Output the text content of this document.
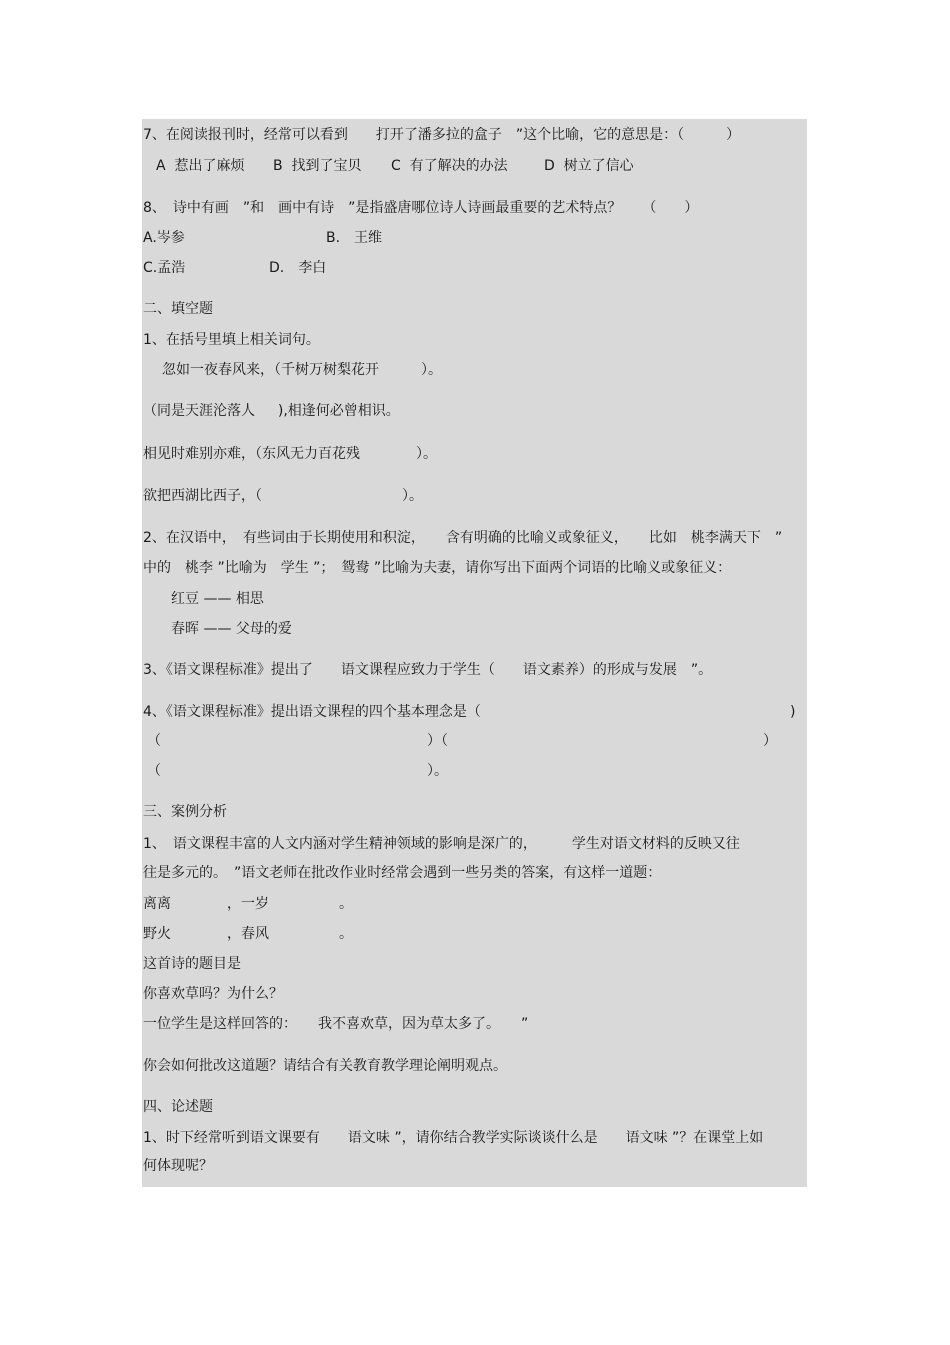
7、在阅读报刊时，经常可以看到　　打开了潘多拉的盒子　”这个比喻，它的意思是：（　　　）
A  惹出了麻烦 B  找到了宝贝 C  有了解决的办法	D  树立了信心
8、　诗中有画　”和　画中有诗　”是指盛唐哪位诗人诗画最重要的艺术特点？　　（　　）
A.岑参	B.　王维
C.孟浩	D.　李白
二、填空题
1、在括号里填上相关词句。
忽如一夜春风来，（千树万树梨花开　　　）。
（同是天涯沦落人　  ),相逢何必曾相识。
相见时难别亦难，（东风无力百花残　　　　）。
欲把西湖比西子，（　　　　　　　　　　）。
2、在汉语中，　有些词由于长期使用和积淀，　　含有明确的比喻义或象征义，　　比如　桃李满天下　”
中的　桃李 ”比喻为　学生 ”；　鸳鸯 ”比喻为夫妻，请你写出下面两个词语的比喻义或象征义：
红豆 —— 相思
春晖 —— 父母的爱
3、《语文课程标准》提出了　　语文课程应致力于学生（　　语文素养）的形成与发展　”。
4、《语文课程标准》提出语文课程的四个基本理念是（	)
（	）（	）
（	）。
三、案例分析
1、　语文课程丰富的人文内涵对学生精神领域的影响是深广的，　　　学生对语文材料的反映又往
往是多元的。　”语文老师在批改作业时经常会遇到一些另类的答案，有这样一道题：
离离　　　　，一岁　　　　　。
野火　　　　，春风　　　　　。
这首诗的题目是
你喜欢草吗？为什么？
一位学生是这样回答的：　　我不喜欢草，因为草太多了。　　”
你会如何批改这道题？请结合有关教育教学理论阐明观点。
四、论述题
1、时下经常听到语文课要有　　语文味 ”，请你结合教学实际谈谈什么是　　语文味 ”？在课堂上如
何体现呢？
